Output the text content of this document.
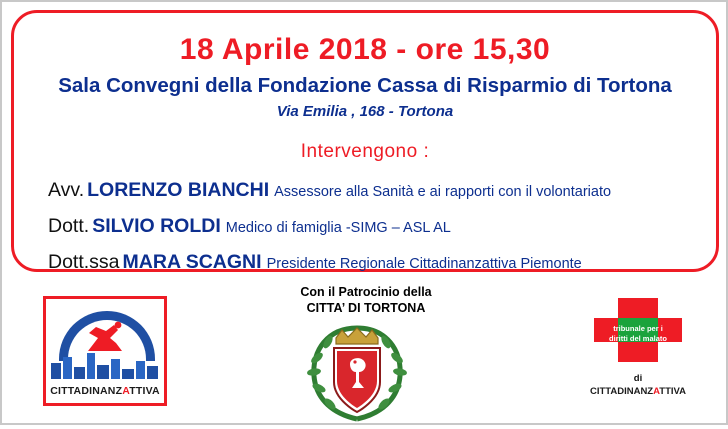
18 Aprile 2018 - ore 15,30
Sala Convegni della Fondazione Cassa di Risparmio di Tortona
Via Emilia , 168 - Tortona
Intervengono :
Avv. LORENZO BIANCHI Assessore alla Sanità e ai rapporti con il volontariato
Dott. SILVIO ROLDI Medico di famiglia -SIMG – ASL AL
Dott.ssa MARA SCAGNI Presidente Regionale Cittadinanzattiva Piemonte
Con il Patrocinio della
CITTA’ DI TORTONA
CITTADINANZATTIVA
tribunale per i
diritti del malato
di
CITTADINANZATTIVA
